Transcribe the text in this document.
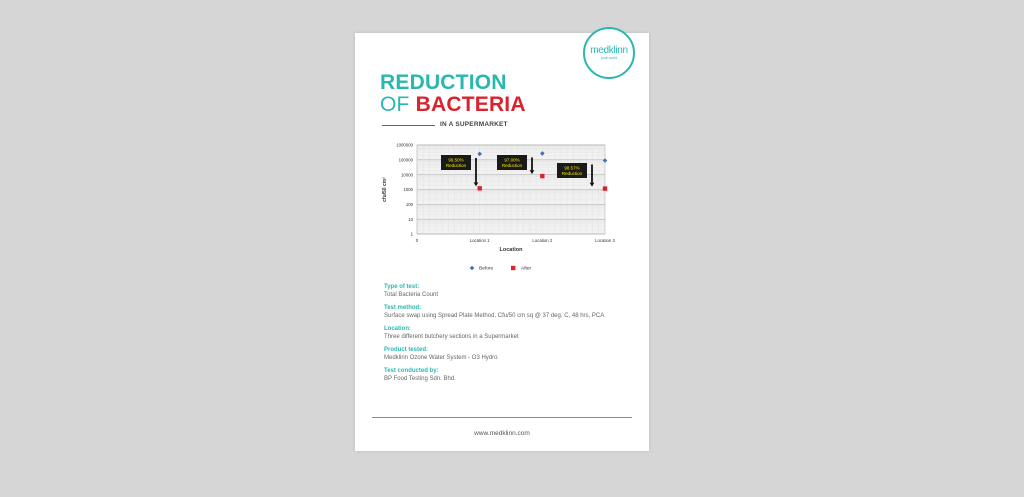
medklinn
pure world
REDUCTION
OF BACTERIA
IN A SUPERMARKET
1000000
100000
10000
1000
100
10
1
0	Location 1	Location 2	Location 3
Location
cfu/50 cm²
99.50%
Reduction
97.00%
Reduction	98.57%
Reduction
Before	After
Type of test:
Total Bacteria Count
Test method:
Surface swap using Spread Plate Method, Cfu/50 cm sq @ 37 deg. C, 48 hrs, PCA
Location:
Three different butchery sections in a Supermarket
Product tested:
Medklinn Ozone Water System - O3 Hydro
Test conducted by:
BP Food Testing Sdn. Bhd.
www.medklinn.com
